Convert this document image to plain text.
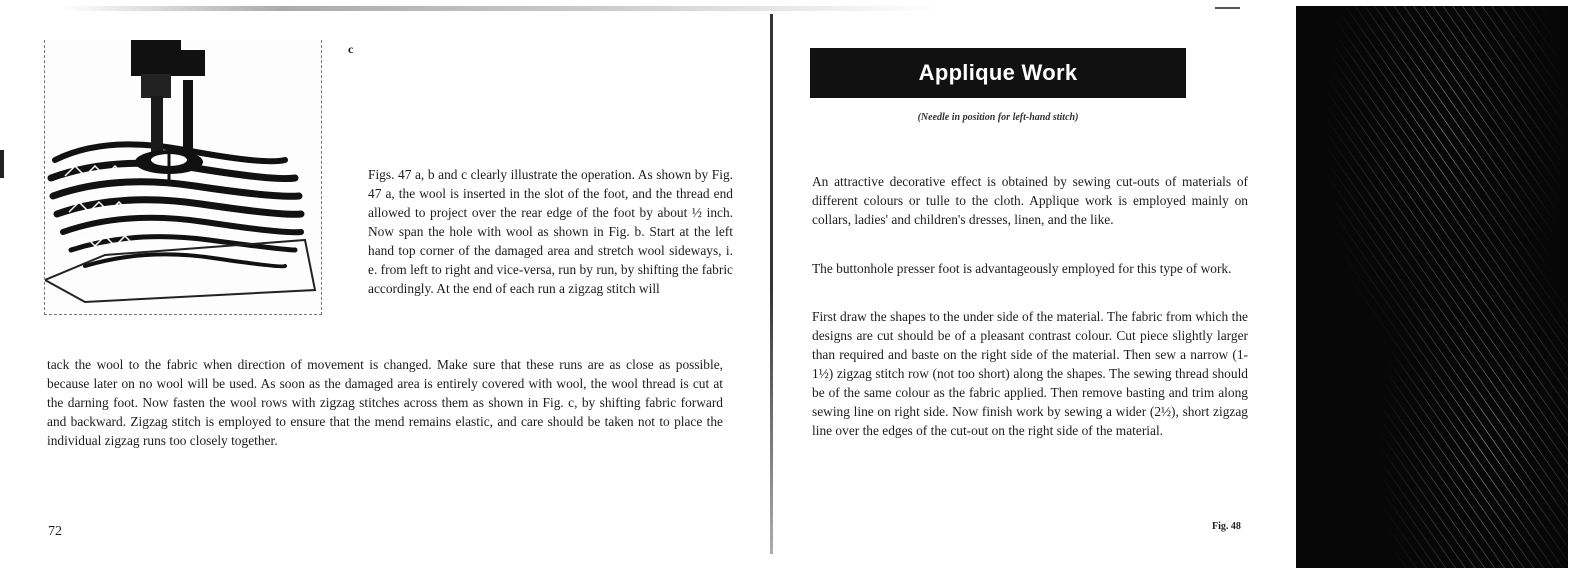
c

Figs. 47 a, b and c clearly illustrate the operation. As shown by Fig. 47 a, the wool is inserted in the slot of the foot, and the thread end allowed to project over the rear edge of the foot by about ½ inch. Now span the hole with wool as shown in Fig. b. Start at the left hand top corner of the damaged area and stretch wool sideways, i. e. from left to right and vice-versa, run by run, by shifting the fabric accordingly. At the end of each run a zigzag stitch will

tack the wool to the fabric when direction of movement is changed. Make sure that these runs are as close as possible, because later on no wool will be used. As soon as the damaged area is entirely covered with wool, the wool thread is cut at the darning foot. Now fasten the wool rows with zigzag stitches across them as shown in Fig. c, by shifting fabric forward and backward. Zigzag stitch is employed to ensure that the mend remains elastic, and care should be taken not to place the individual zigzag runs too closely together.

72
Applique Work
(Needle in position for left-hand stitch)

An attractive decorative effect is obtained by sewing cut-outs of materials of different colours or tulle to the cloth. Applique work is employed mainly on collars, ladies' and children's dresses, linen, and the like.

The buttonhole presser foot is advantageously employed for this type of work.

First draw the shapes to the under side of the material. The fabric from which the designs are cut should be of a pleasant contrast colour. Cut piece slightly larger than required and baste on the right side of the material. Then sew a narrow (1-1½) zigzag stitch row (not too short) along the shapes. The sewing thread should be of the same colour as the fabric applied. Then remove basting and trim along sewing line on right side. Now finish work by sewing a wider (2½), short zigzag line over the edges of the cut-out on the right side of the material.

Fig. 48
